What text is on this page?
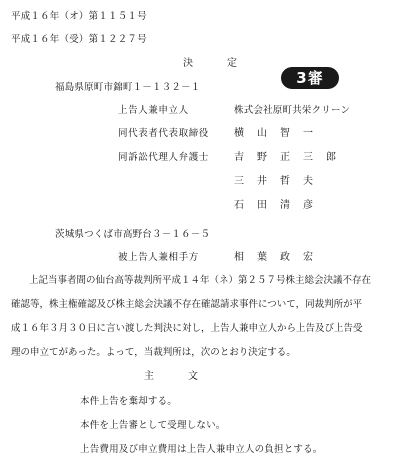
平成１６年（オ）第１１５１号
平成１６年（受）第１２２７号
決　　　定
3審
福島県原町市錦町１－１３２－１
上告人兼申立人	株式会社原町共栄クリーン
同代表者代表取締役	横山智一
同訴訟代理人弁護士	吉野正三郎
三井哲夫
石田清彦
茨城県つくば市高野台３－１６－５
被上告人兼相手方	相葉政宏
上記当事者間の仙台高等裁判所平成１４年（ネ）第２５７号株主総会決議不存在
確認等，株主権確認及び株主総会決議不存在確認請求事件について，同裁判所が平
成１６年３月３０日に言い渡した判決に対し，上告人兼申立人から上告及び上告受
理の申立てがあった。よって，当裁判所は，次のとおり決定する。
主　　　文
本件上告を棄却する。
本件を上告審として受理しない。
上告費用及び申立費用は上告人兼申立人の負担とする。
